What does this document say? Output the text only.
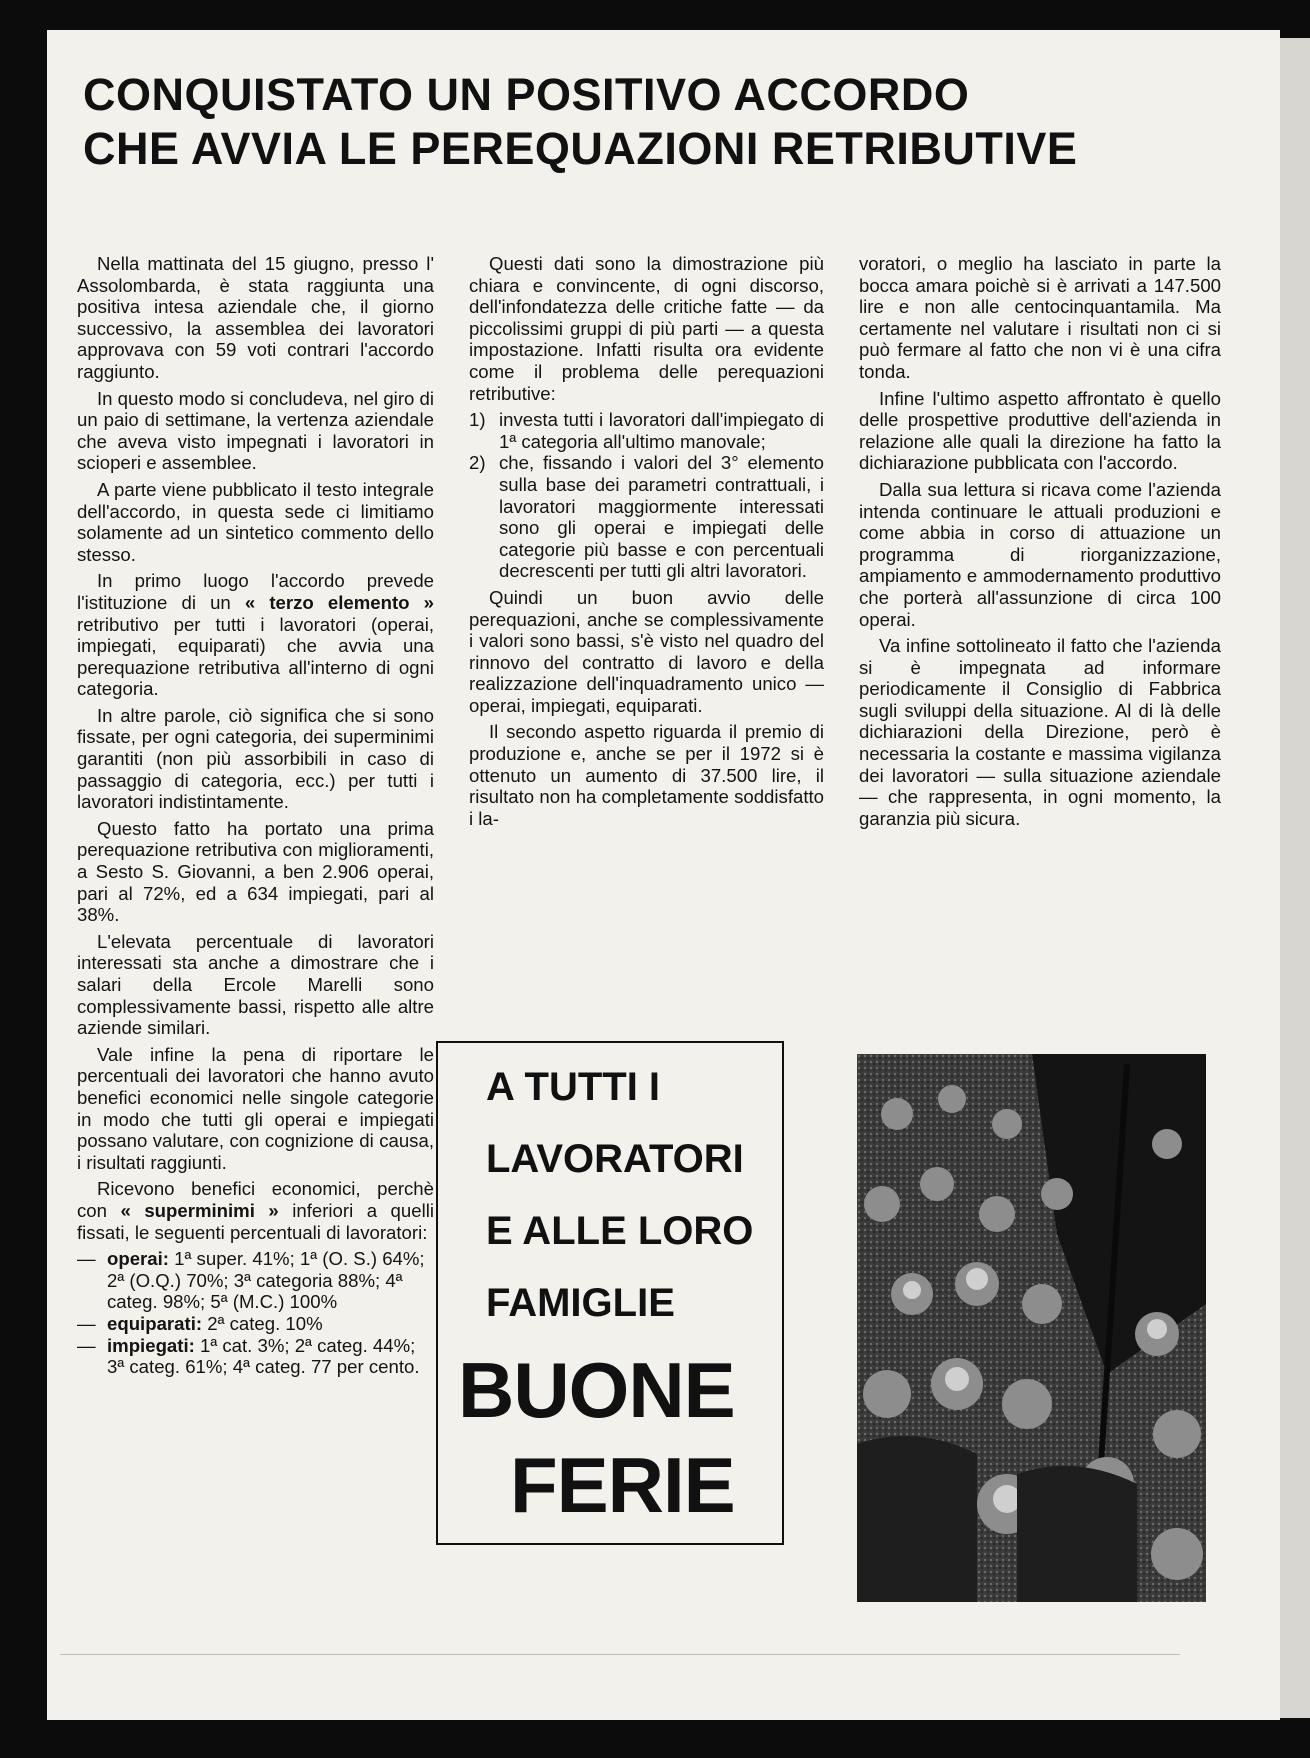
CONQUISTATO UN POSITIVO ACCORDO
CHE AVVIA LE PEREQUAZIONI RETRIBUTIVE

Nella mattinata del 15 giugno, presso l' Assolombarda, è stata raggiunta una positiva intesa aziendale che, il giorno successivo, la assemblea dei lavoratori approvava con 59 voti contrari l'accordo raggiunto.

In questo modo si concludeva, nel giro di un paio di settimane, la vertenza aziendale che aveva visto impegnati i lavoratori in scioperi e assemblee.

A parte viene pubblicato il testo integrale dell'accordo, in questa sede ci limitiamo solamente ad un sintetico commento dello stesso.

In primo luogo l'accordo prevede l'istituzione di un « terzo elemento » retributivo per tutti i lavoratori (operai, impiegati, equiparati) che avvia una perequazione retributiva all'interno di ogni categoria.

In altre parole, ciò significa che si sono fissate, per ogni categoria, dei superminimi garantiti (non più assorbibili in caso di passaggio di categoria, ecc.) per tutti i lavoratori indistintamente.

Questo fatto ha portato una prima perequazione retributiva con miglioramenti, a Sesto S. Giovanni, a ben 2.906 operai, pari al 72%, ed a 634 impiegati, pari al 38%.

L'elevata percentuale di lavoratori interessati sta anche a dimostrare che i salari della Ercole Marelli sono complessivamente bassi, rispetto alle altre aziende similari.

Vale infine la pena di riportare le percentuali dei lavoratori che hanno avuto benefici economici nelle singole categorie in modo che tutti gli operai e impiegati possano valutare, con cognizione di causa, i risultati raggiunti.

Ricevono benefici economici, perchè con « superminimi » inferiori a quelli fissati, le seguenti percentuali di lavoratori:

— operai: 1ª super. 41%; 1ª (O. S.) 64%; 2ª (O.Q.) 70%; 3ª categoria 88%; 4ª categ. 98%; 5ª (M.C.) 100%
— equiparati: 2ª categ. 10%
— impiegati: 1ª cat. 3%; 2ª categ. 44%; 3ª categ. 61%; 4ª categ. 77 per cento.

Questi dati sono la dimostrazione più chiara e convincente, di ogni discorso, dell'infondatezza delle critiche fatte — da piccolissimi gruppi di più parti — a questa impostazione. Infatti risulta ora evidente come il problema delle perequazioni retributive:

1) investa tutti i lavoratori dall'impiegato di 1ª categoria all'ultimo manovale;
2) che, fissando i valori del 3° elemento sulla base dei parametri contrattuali, i lavoratori maggiormente interessati sono gli operai e impiegati delle categorie più basse e con percentuali decrescenti per tutti gli altri lavoratori.

Quindi un buon avvio delle perequazioni, anche se complessivamente i valori sono bassi, s'è visto nel quadro del rinnovo del contratto di lavoro e della realizzazione dell'inquadramento unico — operai, impiegati, equiparati.

Il secondo aspetto riguarda il premio di produzione e, anche se per il 1972 si è ottenuto un aumento di 37.500 lire, il risultato non ha completamente soddisfatto i la-

voratori, o meglio ha lasciato in parte la bocca amara poichè si è arrivati a 147.500 lire e non alle centocinquantamila. Ma certamente nel valutare i risultati non ci si può fermare al fatto che non vi è una cifra tonda.

Infine l'ultimo aspetto affrontato è quello delle prospettive produttive dell'azienda in relazione alle quali la direzione ha fatto la dichiarazione pubblicata con l'accordo.

Dalla sua lettura si ricava come l'azienda intenda continuare le attuali produzioni e come abbia in corso di attuazione un programma di riorganizzazione, ampiamento e ammodernamento produttivo che porterà all'assunzione di circa 100 operai.

Va infine sottolineato il fatto che l'azienda si è impegnata ad informare periodicamente il Consiglio di Fabbrica sugli sviluppi della situazione. Al di là delle dichiarazioni della Direzione, però è necessaria la costante e massima vigilanza dei lavoratori — sulla situazione aziendale — che rappresenta, in ogni momento, la garanzia più sicura.

A TUTTI I
LAVORATORI
E ALLE LORO
FAMIGLIE
BUONE
FERIE
